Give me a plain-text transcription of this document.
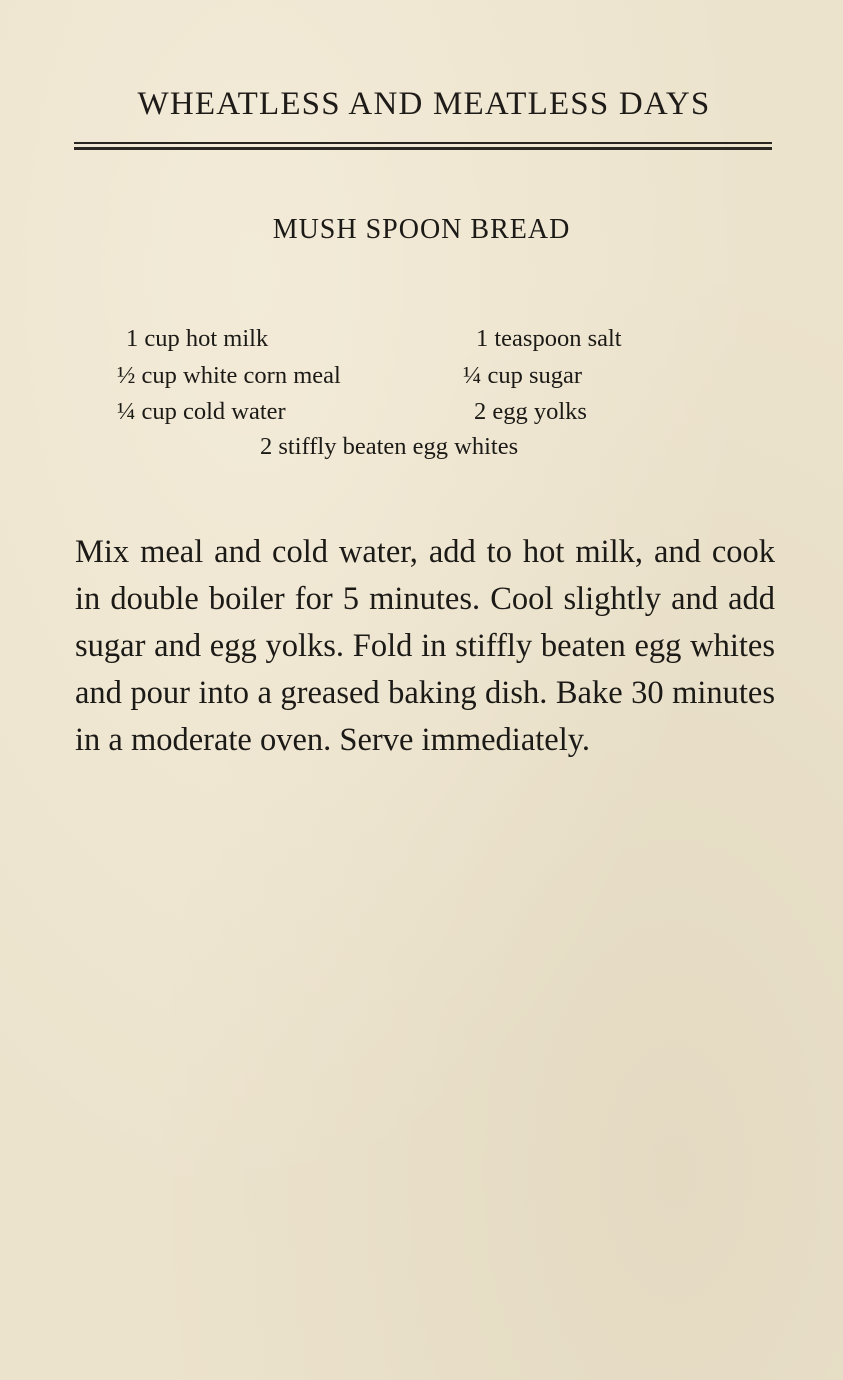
WHEATLESS AND MEATLESS DAYS
MUSH SPOON BREAD
1 cup hot milk
½ cup white corn meal
¼ cup cold water
1 teaspoon salt
¼ cup sugar
2 egg yolks
2 stiffly beaten egg whites

Mix meal and cold water, add to hot milk, and cook in double boiler for 5 minutes. Cool slightly and add sugar and egg yolks. Fold in stiffly beaten egg whites and pour into a greased baking dish. Bake 30 minutes in a moderate oven. Serve immediately.
